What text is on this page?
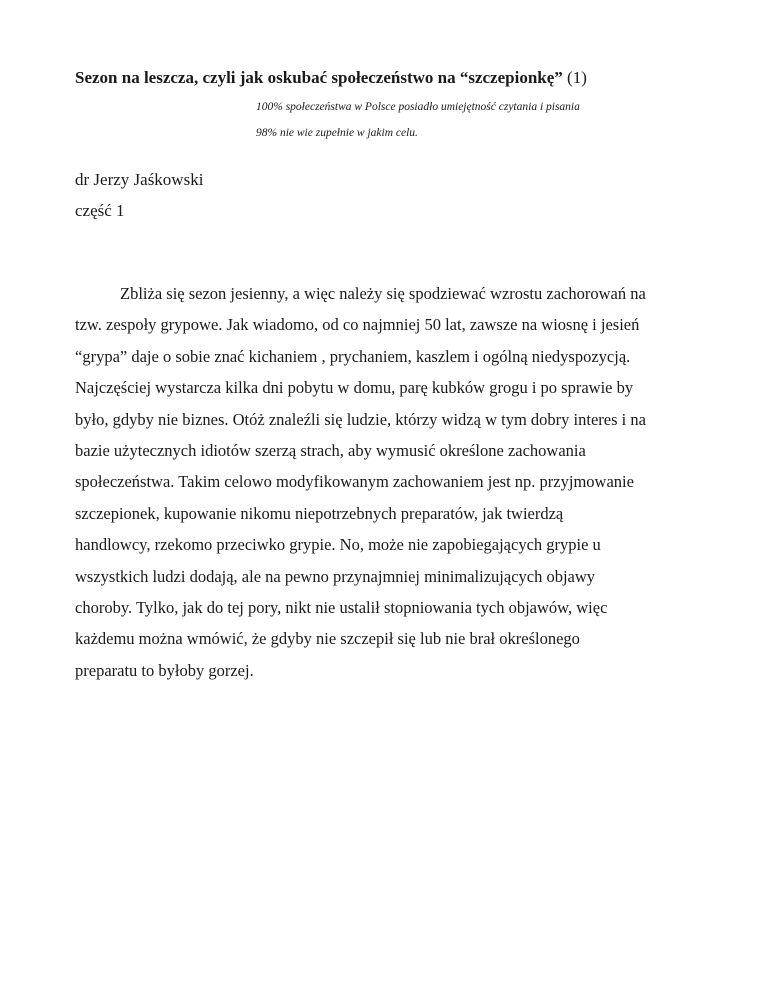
Sezon na leszcza, czyli jak oskubać społeczeństwo na “szczepionkę” (1)
100% społeczeństwa w Polsce posiadło umiejętność czytania i pisania
98% nie wie zupełnie w jakim celu.
dr Jerzy Jaśkowski
część 1
Zbliża się sezon jesienny, a więc należy się spodziewać wzrostu zachorowań na
tzw. zespoły grypowe. Jak wiadomo, od co najmniej 50 lat, zawsze na wiosnę i jesień
“grypa” daje o sobie znać kichaniem , prychaniem, kaszlem i ogólną niedyspozycją.
Najczęściej wystarcza kilka dni pobytu w domu, parę kubków grogu i po sprawie by
było, gdyby nie biznes. Otóż znaleźli się ludzie, którzy widzą w tym dobry interes i na
bazie użytecznych idiotów szerzą strach, aby wymusić określone zachowania
społeczeństwa. Takim celowo modyfikowanym zachowaniem jest np. przyjmowanie
szczepionek, kupowanie nikomu niepotrzebnych preparatów, jak twierdzą
handlowcy, rzekomo przeciwko grypie. No, może nie zapobiegających grypie u
wszystkich ludzi dodają, ale na pewno przynajmniej minimalizujących objawy
choroby. Tylko, jak do tej pory, nikt nie ustalił stopniowania tych objawów, więc
każdemu można wmówić, że gdyby nie szczepił się lub nie brał określonego
preparatu to byłoby gorzej.
